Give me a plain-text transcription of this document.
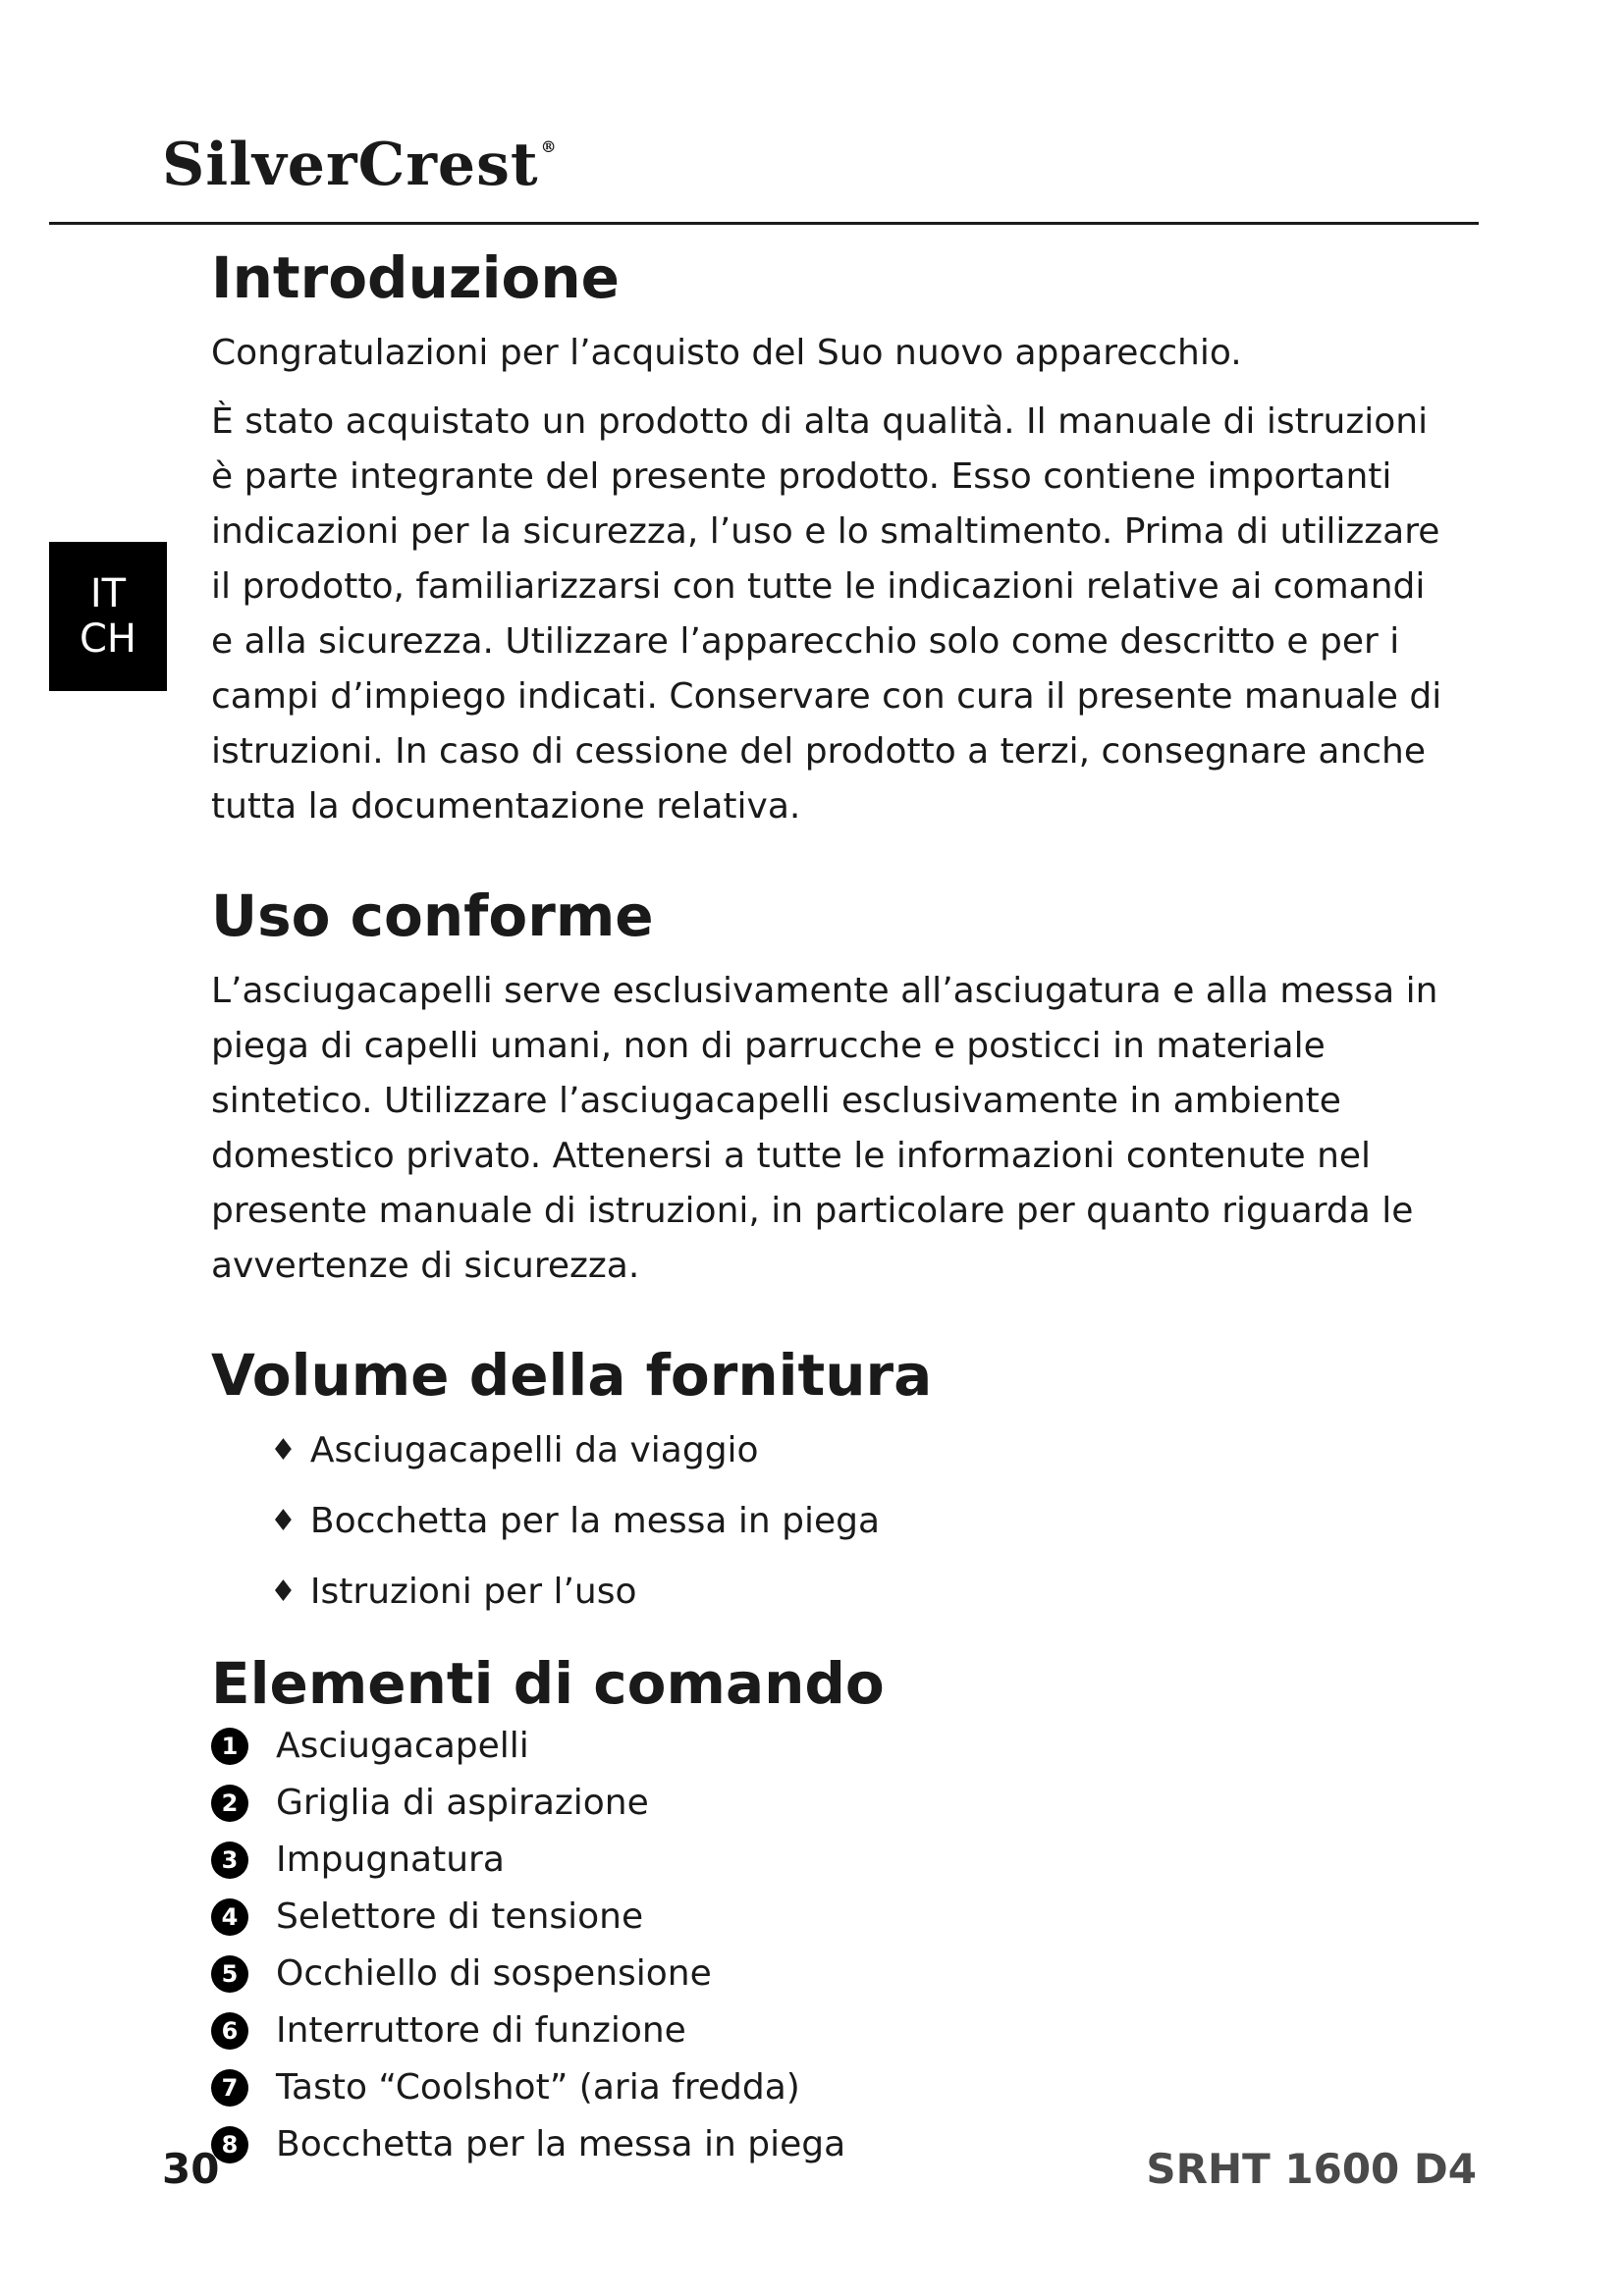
SilverCrest ®
IT
CH
Introduzione

Congratulazioni per l’acquisto del Suo nuovo apparecchio.

È stato acquistato un prodotto di alta qualità. Il manuale di istruzioni è parte integrante del presente prodotto. Esso contiene importanti indicazioni per la sicurezza, l’uso e lo smaltimento. Prima di utilizzare il prodotto, familiarizzarsi con tutte le indicazioni relative ai comandi e alla sicurezza. Utilizzare l’apparecchio solo come descritto e per i campi d’impiego indicati. Conservare con cura il presente manuale di istruzioni. In caso di cessione del prodotto a terzi, consegnare anche tutta la documentazione relativa.

Uso conforme

L’asciugacapelli serve esclusivamente all’asciugatura e alla messa in piega di capelli umani, non di parrucche e posticci in materiale sintetico. Utilizzare l’asciugacapelli esclusivamente in ambiente domestico privato. Attenersi a tutte le informazioni contenute nel presente manuale di istruzioni, in particolare per quanto riguarda le avvertenze di sicurezza.

Volume della fornitura
♦ Asciugacapelli da viaggio
♦ Bocchetta per la messa in piega
♦ Istruzioni per l’uso
Elementi di comando
1 Asciugacapelli
2 Griglia di aspirazione
3 Impugnatura
4 Selettore di tensione
5 Occhiello di sospensione
6 Interruttore di funzione
7 Tasto “Coolshot” (aria fredda)
8 Bocchetta per la messa in piega
30	SRHT 1600 D4
